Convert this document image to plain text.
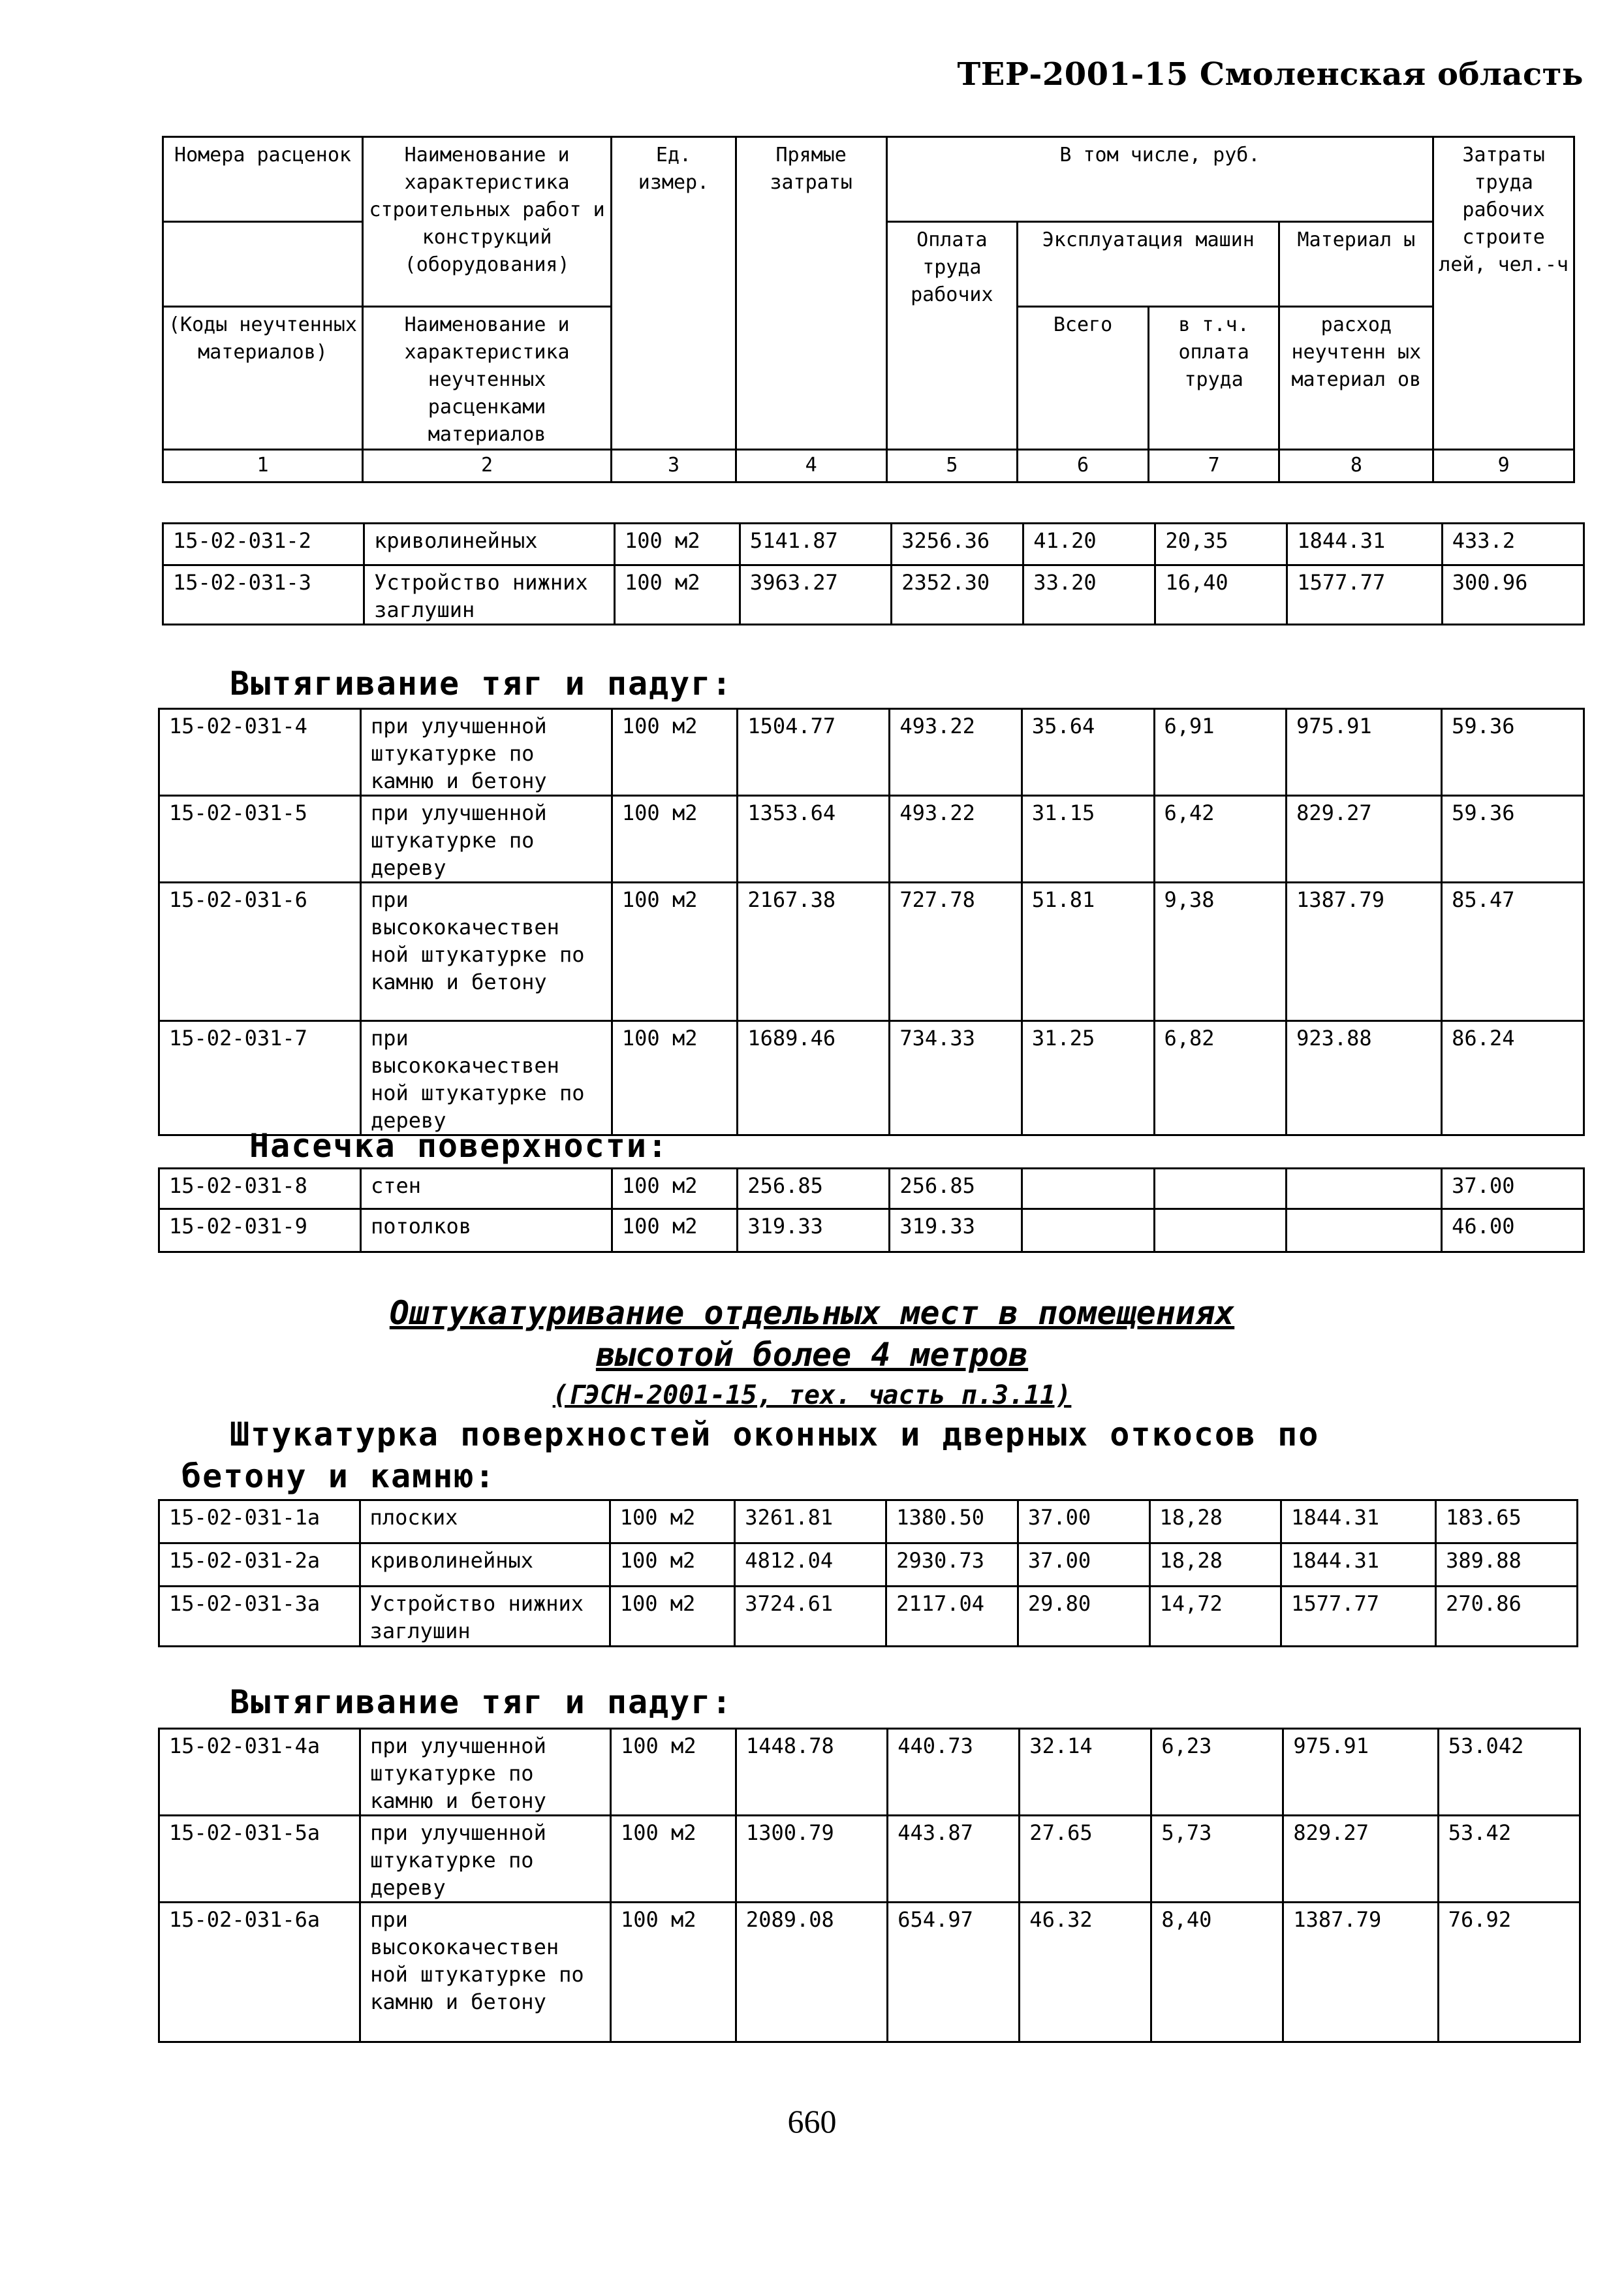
ТЕР-2001-15 Смоленская область
Номера расценок	Наименование и характеристика строительных работ и конструкций (оборудования)	Ед. измер.	Прямые затраты	В том числе, руб.				Затраты труда рабочих строите лей, чел.-ч
				Оплата труда рабочих	Эксплуатация машин		Материал ы	
(Коды неучтенных материалов)	Наименование и характеристика неучтенных расценками материалов				Всего	в т.ч. оплата труда	расход неучтенн ых материал ов	
1	2	3	4	5	6	7	8	9
15-02-031-2	криволинейных	100 м2	5141.87	3256.36	41.20	20,35	1844.31	433.2
15-02-031-3	Устройство нижних заглушин	100 м2	3963.27	2352.30	33.20	16,40	1577.77	300.96
Вытягивание тяг и падуг:
15-02-031-4	при улучшенной штукатурке по камню и бетону	100 м2	1504.77	493.22	35.64	6,91	975.91	59.36
15-02-031-5	при улучшенной штукатурке по дереву	100 м2	1353.64	493.22	31.15	6,42	829.27	59.36
15-02-031-6	при высококачествен ной штукатурке по камню и бетону	100 м2	2167.38	727.78	51.81	9,38	1387.79	85.47
15-02-031-7	при высококачествен ной штукатурке по дереву	100 м2	1689.46	734.33	31.25	6,82	923.88	86.24
Насечка поверхности:
15-02-031-8	стен	100 м2	256.85	256.85				37.00
15-02-031-9	потолков	100 м2	319.33	319.33				46.00
Оштукатуривание отдельных мест в помещениях
высотой более 4 метров
(ГЭСН-2001-15, тех. часть п.3.11)
Штукатурка поверхностей оконных и дверных откосов по
бетону и камню:
15-02-031-1а	плоских	100 м2	3261.81	1380.50	37.00	18,28	1844.31	183.65
15-02-031-2а	криволинейных	100 м2	4812.04	2930.73	37.00	18,28	1844.31	389.88
15-02-031-3а	Устройство нижних заглушин	100 м2	3724.61	2117.04	29.80	14,72	1577.77	270.86
Вытягивание тяг и падуг:
15-02-031-4а	при улучшенной штукатурке по камню и бетону	100 м2	1448.78	440.73	32.14	6,23	975.91	53.042
15-02-031-5а	при улучшенной штукатурке по дереву	100 м2	1300.79	443.87	27.65	5,73	829.27	53.42
15-02-031-6а	при высококачествен ной штукатурке по камню и бетону	100 м2	2089.08	654.97	46.32	8,40	1387.79	76.92
660
